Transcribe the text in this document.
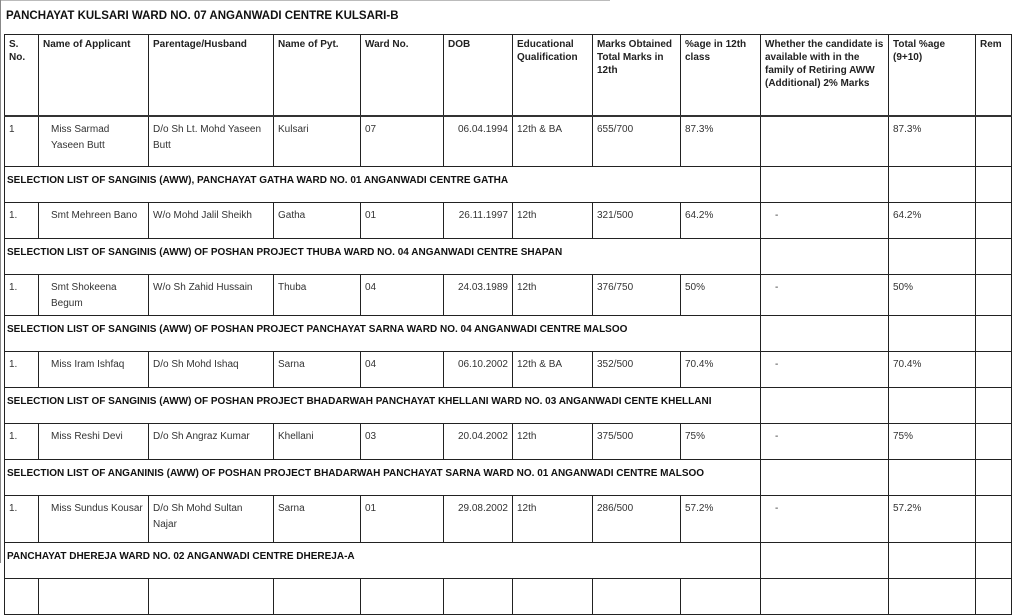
PANCHAYAT KULSARI WARD NO. 07 ANGANWADI CENTRE KULSARI-B
S. No.	Name of Applicant	Parentage/Husband	Name of Pyt.	Ward No.	DOB	Educational Qualification	Marks Obtained Total Marks in 12th	%age in 12th class	Whether the candidate is available with in the family of Retiring AWW (Additional) 2% Marks	Total %age (9+10)	Rem
1	Miss Sarmad Yaseen Butt	D/o Sh Lt. Mohd Yaseen Butt	Kulsari	07	06.04.1994	12th & BA	655/700	87.3%		87.3%	
SELECTION LIST OF SANGINIS (AWW), PANCHAYAT GATHA WARD NO. 01 ANGANWADI CENTRE GATHA											
1.	Smt Mehreen Bano	W/o Mohd Jalil Sheikh	Gatha	01	26.11.1997	12th	321/500	64.2%	-	64.2%	
SELECTION LIST OF SANGINIS (AWW) OF POSHAN PROJECT THUBA WARD NO. 04 ANGANWADI CENTRE SHAPAN											
1.	Smt Shokeena Begum	W/o Sh Zahid Hussain	Thuba	04	24.03.1989	12th	376/750	50%	-	50%	
SELECTION LIST OF SANGINIS (AWW) OF POSHAN PROJECT PANCHAYAT SARNA WARD NO. 04 ANGANWADI CENTRE MALSOO											
1.	Miss Iram Ishfaq	D/o Sh Mohd Ishaq	Sarna	04	06.10.2002	12th & BA	352/500	70.4%	-	70.4%	
SELECTION LIST OF SANGINIS (AWW) OF POSHAN PROJECT BHADARWAH PANCHAYAT KHELLANI WARD NO. 03 ANGANWADI CENTE KHELLANI											
1.	Miss Reshi Devi	D/o Sh Angraz Kumar	Khellani	03	20.04.2002	12th	375/500	75%	-	75%	
SELECTION LIST OF ANGANINIS (AWW) OF POSHAN PROJECT BHADARWAH PANCHAYAT SARNA WARD NO. 01 ANGANWADI CENTRE MALSOO											
1.	Miss Sundus Kousar	D/o Sh Mohd Sultan Najar	Sarna	01	29.08.2002	12th	286/500	57.2%	-	57.2%	
PANCHAYAT DHEREJA WARD NO. 02 ANGANWADI CENTRE DHEREJA-A											
